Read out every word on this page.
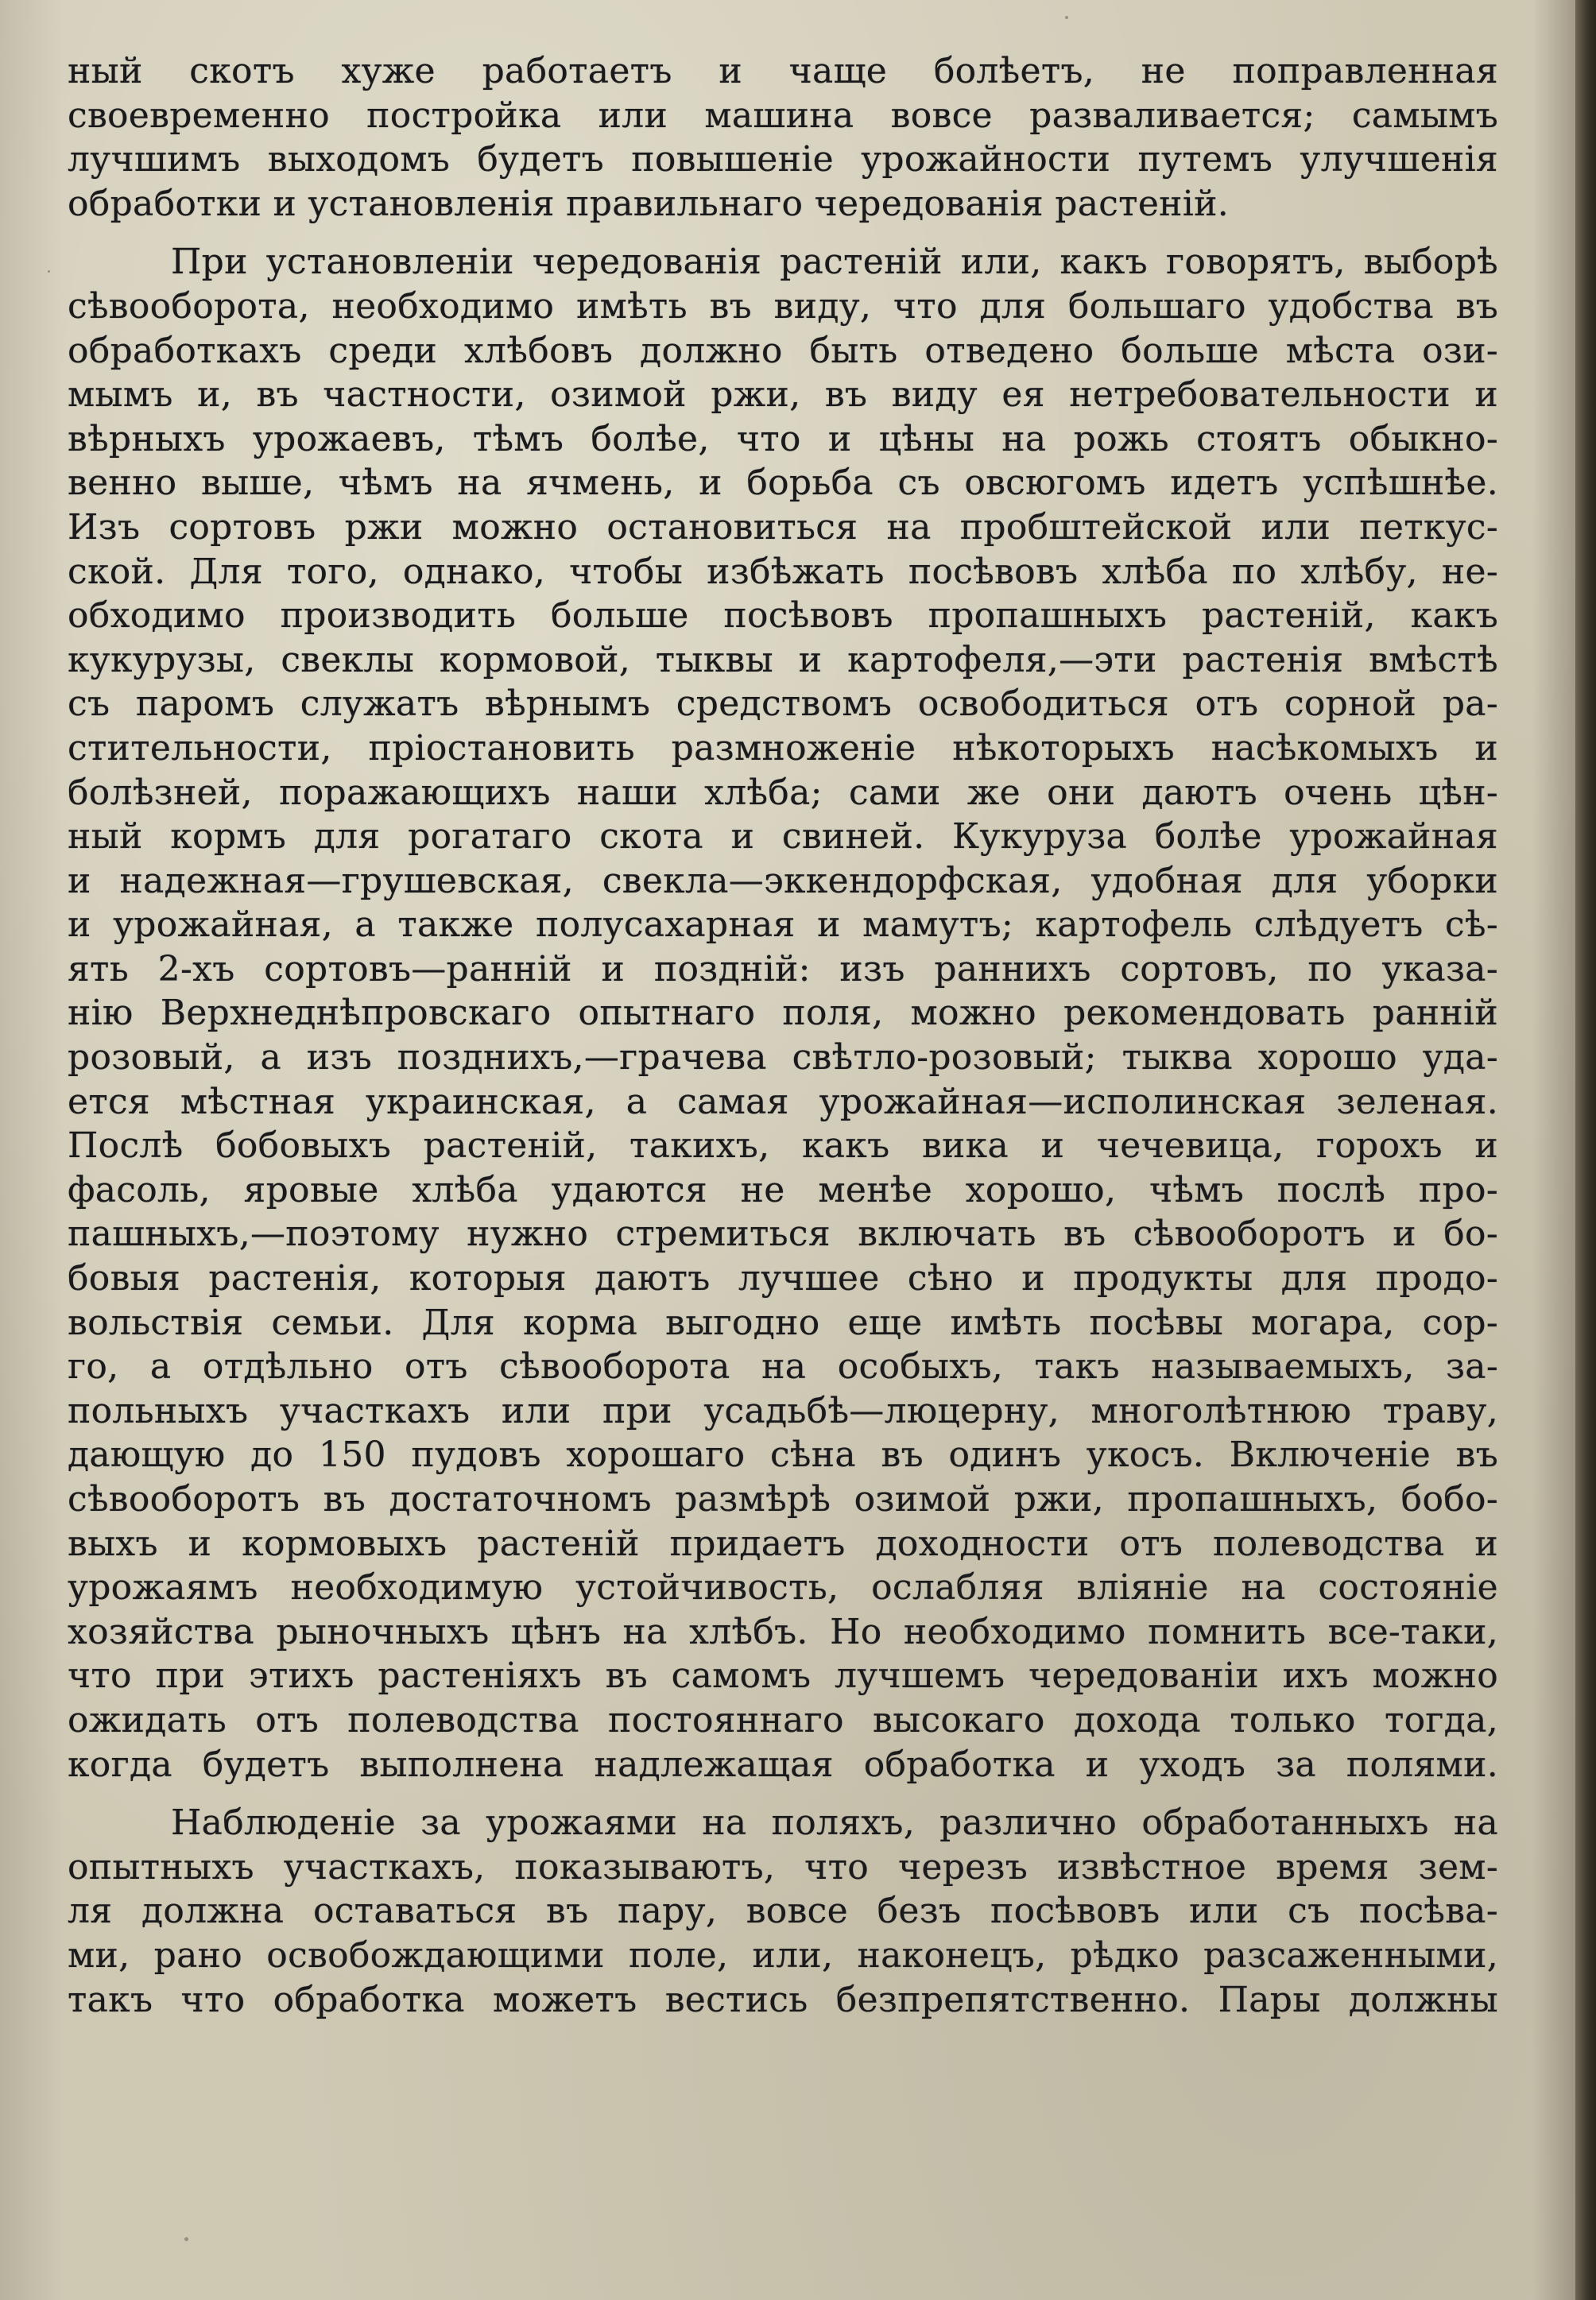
ный скотъ хуже работаетъ и чаще болѣетъ, не поправленная
своевременно постройка или машина вовсе разваливается; самымъ
лучшимъ выходомъ будетъ повышеніе урожайности путемъ улучшенія
обработки и установленія правильнаго чередованія растеній.
При установленіи чередованія растеній или, какъ говорятъ, выборѣ
сѣвооборота, необходимо имѣть въ виду, что для большаго удобства въ
обработкахъ среди хлѣбовъ должно быть отведено больше мѣста ози-
мымъ и, въ частности, озимой ржи, въ виду ея нетребовательности и
вѣрныхъ урожаевъ, тѣмъ болѣе, что и цѣны на рожь стоятъ обыкно-
венно выше, чѣмъ на ячмень, и борьба съ овсюгомъ идетъ успѣшнѣе.
Изъ сортовъ ржи можно остановиться на пробштейской или петкус-
ской. Для того, однако, чтобы избѣжать посѣвовъ хлѣба по хлѣбу, не-
обходимо производить больше посѣвовъ пропашныхъ растеній, какъ
кукурузы, свеклы кормовой, тыквы и картофеля,—эти растенія вмѣстѣ
съ паромъ служатъ вѣрнымъ средствомъ освободиться отъ сорной ра-
стительности, пріостановить размноженіе нѣкоторыхъ насѣкомыхъ и
болѣзней, поражающихъ наши хлѣба; сами же они даютъ очень цѣн-
ный кормъ для рогатаго скота и свиней. Кукуруза болѣе урожайная
и надежная—грушевская, свекла—эккендорфская, удобная для уборки
и урожайная, а также полусахарная и мамутъ; картофель слѣдуетъ сѣ-
ять 2-хъ сортовъ—ранній и поздній: изъ раннихъ сортовъ, по указа-
нію Верхнеднѣпровскаго опытнаго поля, можно рекомендовать ранній
розовый, а изъ позднихъ,—грачева свѣтло-розовый; тыква хорошо уда-
ется мѣстная украинская, а самая урожайная—исполинская зеленая.
Послѣ бобовыхъ растеній, такихъ, какъ вика и чечевица, горохъ и
фасоль, яровые хлѣба удаются не менѣе хорошо, чѣмъ послѣ про-
пашныхъ,—поэтому нужно стремиться включать въ сѣвооборотъ и бо-
бовыя растенія, которыя даютъ лучшее сѣно и продукты для продо-
вольствія семьи. Для корма выгодно еще имѣть посѣвы могара, сор-
го, а отдѣльно отъ сѣвооборота на особыхъ, такъ называемыхъ, за-
польныхъ участкахъ или при усадьбѣ—люцерну, многолѣтнюю траву,
дающую до 150 пудовъ хорошаго сѣна въ одинъ укосъ. Включеніе въ
сѣвооборотъ въ достаточномъ размѣрѣ озимой ржи, пропашныхъ, бобо-
выхъ и кормовыхъ растеній придаетъ доходности отъ полеводства и
урожаямъ необходимую устойчивость, ослабляя вліяніе на состояніе
хозяйства рыночныхъ цѣнъ на хлѣбъ. Но необходимо помнить все-таки,
что при этихъ растеніяхъ въ самомъ лучшемъ чередованіи ихъ можно
ожидать отъ полеводства постояннаго высокаго дохода только тогда,
когда будетъ выполнена надлежащая обработка и уходъ за полями.
Наблюденіе за урожаями на поляхъ, различно обработанныхъ на
опытныхъ участкахъ, показываютъ, что черезъ извѣстное время зем-
ля должна оставаться въ пару, вовсе безъ посѣвовъ или съ посѣва-
ми, рано освобождающими поле, или, наконецъ, рѣдко разсаженными,
такъ что обработка можетъ вестись безпрепятственно. Пары должны
